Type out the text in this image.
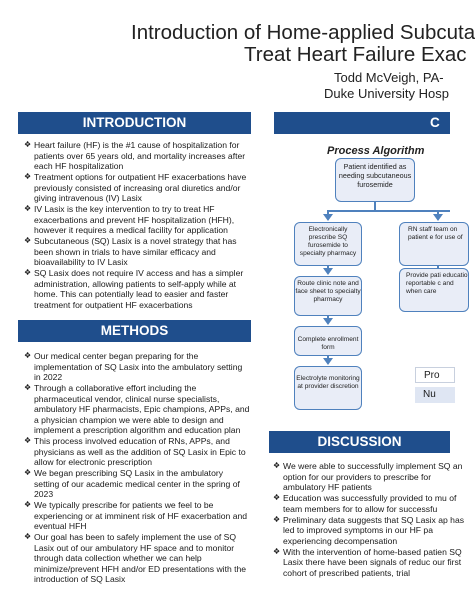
Introduction of Home-applied Subcuta
Treat Heart Failure Exac
Todd McVeigh, PA-
Duke University Hosp
INTRODUCTION
❖ Heart failure (HF) is the #1 cause of hospitalization for patients over 65 years old, and mortality increases after each HF hospitalization
❖ Treatment options for outpatient HF exacerbations have previously consisted of increasing oral diuretics and/or giving intravenous (IV) Lasix
❖ IV Lasix is the key intervention to try to treat HF exacerbations and prevent HF hospitalization (HFH), however it requires a medical facility for application
❖ Subcutaneous (SQ) Lasix is a novel strategy that has been shown in trials to have similar efficacy and bioavailability to IV Lasix
❖ SQ Lasix does not require IV access and has a simpler administration, allowing patients to self-apply while at home. This can potentially lead to easier and faster treatment for outpatient HF exacerbations
METHODS
❖ Our medical center began preparing for the implementation of SQ Lasix into the ambulatory setting in 2022
❖ Through a collaborative effort including the pharmaceutical vendor, clinical nurse specialists, ambulatory HF pharmacists, Epic champions, APPs, and a physician champion we were able to design and implement a prescription algorithm and education plan
❖ This process involved education of RNs, APPs, and physicians as well as the addition of SQ Lasix in Epic to allow for electronic prescription
❖ We began prescribing SQ Lasix in the ambulatory setting of our academic medical center in the spring of 2023
❖ We typically prescribe for patients we feel to be experiencing or at imminent risk of HF exacerbation and eventual HFH
❖ Our goal has been to safely implement the use of SQ Lasix out of our ambulatory HF space and to monitor through data collection whether we can help minimize/prevent HFH and/or ED presentations with the introduction of SQ Lasix
C
Process Algorithm
Patient identified as needing subcutaneous furosemide
Electronically prescribe SQ furosemide to specialty pharmacy
RN staff team on patient e for use of
Route clinic note and face sheet to specialty pharmacy
Provide pati educatio reportable c and when care
Complete enrollment form
Electrolyte monitoring at provider discretion
Pro
Nu
DISCUSSION
❖ We were able to successfully implement SQ an option for our providers to prescribe for ambulatory HF patients
❖ Education was successfully provided to mu of team members for to allow for successfu
❖ Preliminary data suggests that SQ Lasix ap has led to improved symptoms in our HF pa experiencing decompensation
❖ With the intervention of home-based patien SQ Lasix there have been signals of reduc our first cohort of prescribed patients, trial
